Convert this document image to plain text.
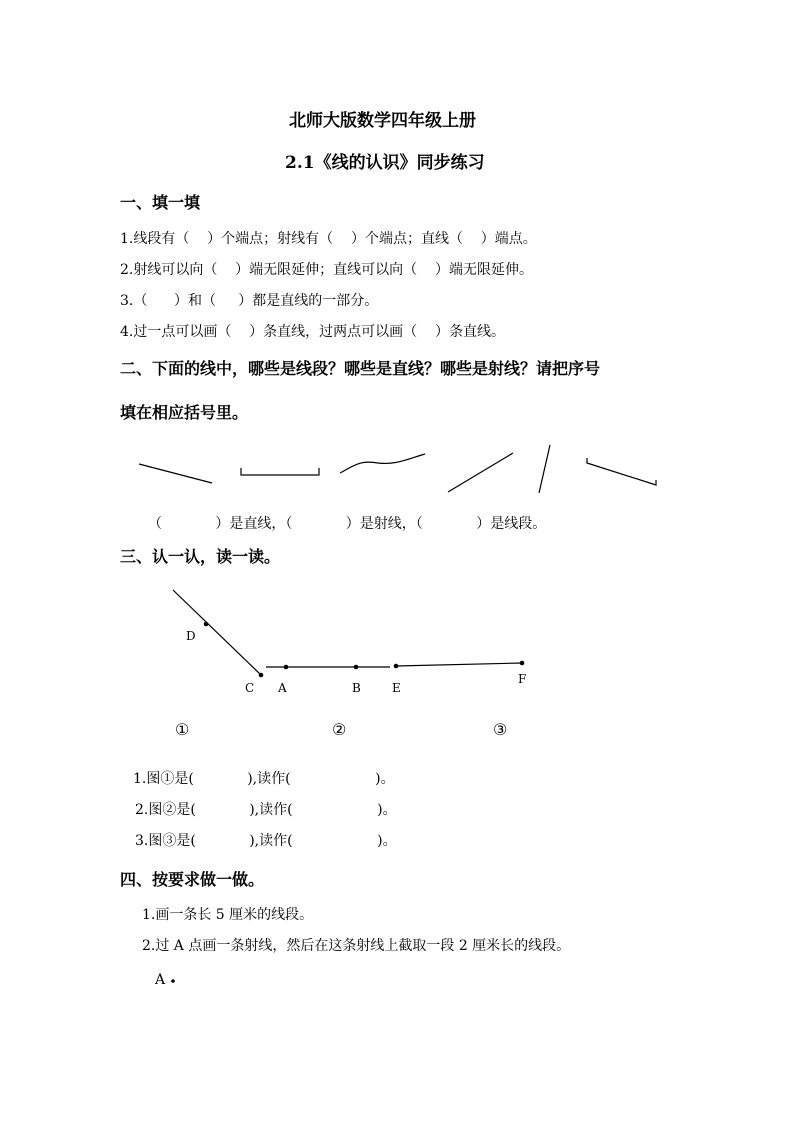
北师大版数学四年级上册
2.1《线的认识》同步练习
一、填一填
1.线段有（    ）个端点；射线有（    ）个端点；直线（    ）端点。
2.射线可以向（    ）端无限延伸；直线可以向（    ）端无限延伸。
3.（      ）和（     ）都是直线的一部分。
4.过一点可以画（    ）条直线，过两点可以画（    ）条直线。
二、下面的线中，哪些是线段？哪些是直线？哪些是射线？请把序号
填在相应括号里。
（            ）是直线，（            ）是射线，（            ）是线段。
三、认一认，读一读。
D
C A	B	E
F
①	②	③
1.图①是(            ),读作(                   )。
2.图②是(            ),读作(                   )。
3.图③是(            ),读作(                   )。
四、按要求做一做。
1.画一条长 5 厘米的线段。
2.过 A 点画一条射线，然后在这条射线上截取一段 2 厘米长的线段。
A
